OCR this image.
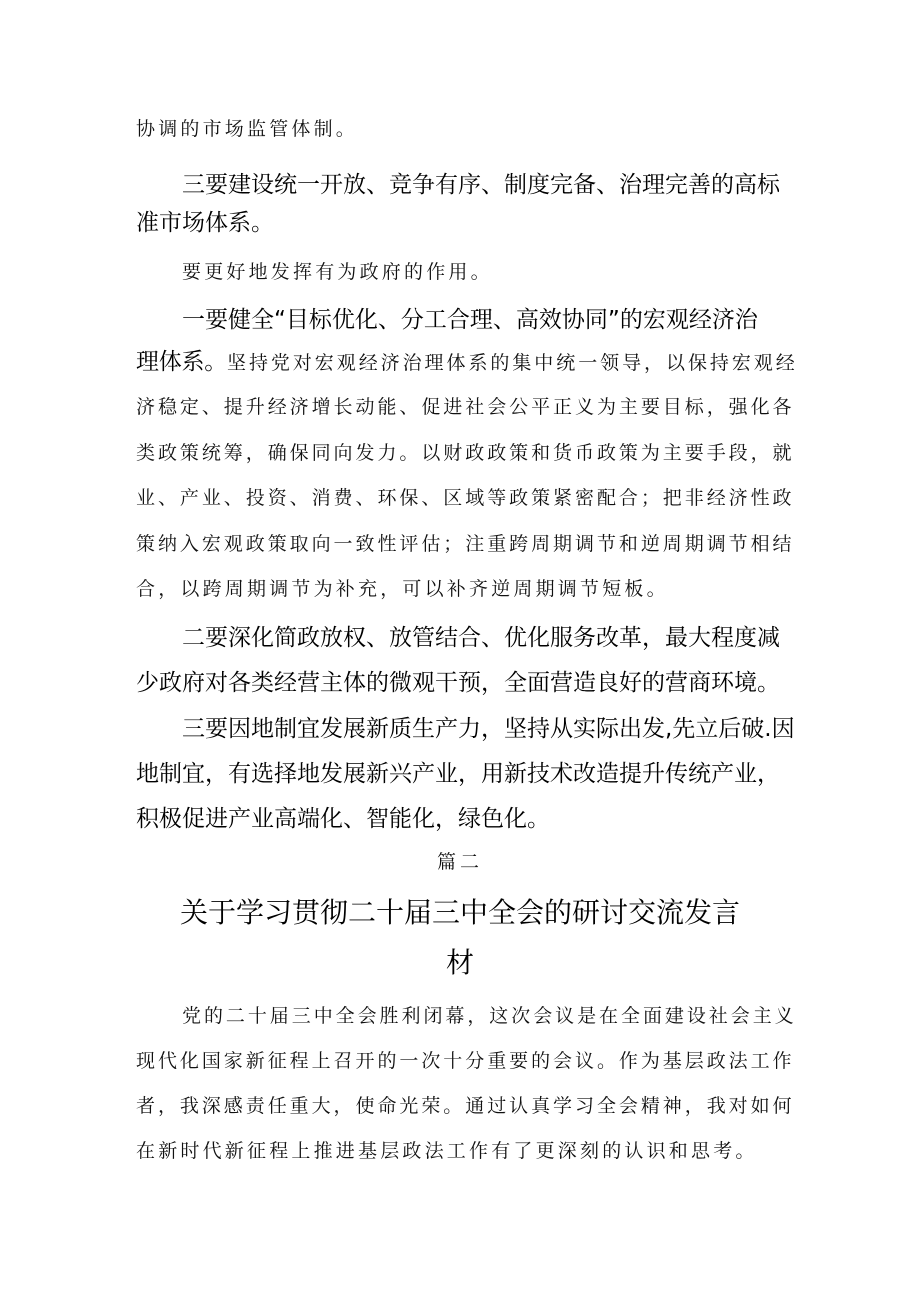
协调的市场监管体制。
三要建设统一开放、竞争有序、制度完备、治理完善的高标
准市场体系。
要更好地发挥有为政府的作用。
一要健全“目标优化、分工合理、高效协同”的宏观经济治
理体系。坚持党对宏观经济治理体系的集中统一领导，以保持宏观经
济稳定、提升经济增长动能、促进社会公平正义为主要目标，强化各
类政策统筹，确保同向发力。以财政政策和货币政策为主要手段，就
业、产业、投资、消费、环保、区域等政策紧密配合；把非经济性政
策纳入宏观政策取向一致性评估；注重跨周期调节和逆周期调节相结
合，以跨周期调节为补充，可以补齐逆周期调节短板。
二要深化简政放权、放管结合、优化服务改革，最大程度减
少政府对各类经营主体的微观干预，全面营造良好的营商环境。
三要因地制宜发展新质生产力，坚持从实际出发,先立后破.因
地制宜，有选择地发展新兴产业，用新技术改造提升传统产业，
积极促进产业高端化、智能化，绿色化。
篇二
关于学习贯彻二十届三中全会的研讨交流发言
材
党的二十届三中全会胜利闭幕，这次会议是在全面建设社会主义
现代化国家新征程上召开的一次十分重要的会议。作为基层政法工作
者，我深感责任重大，使命光荣。通过认真学习全会精神，我对如何
在新时代新征程上推进基层政法工作有了更深刻的认识和思考。
